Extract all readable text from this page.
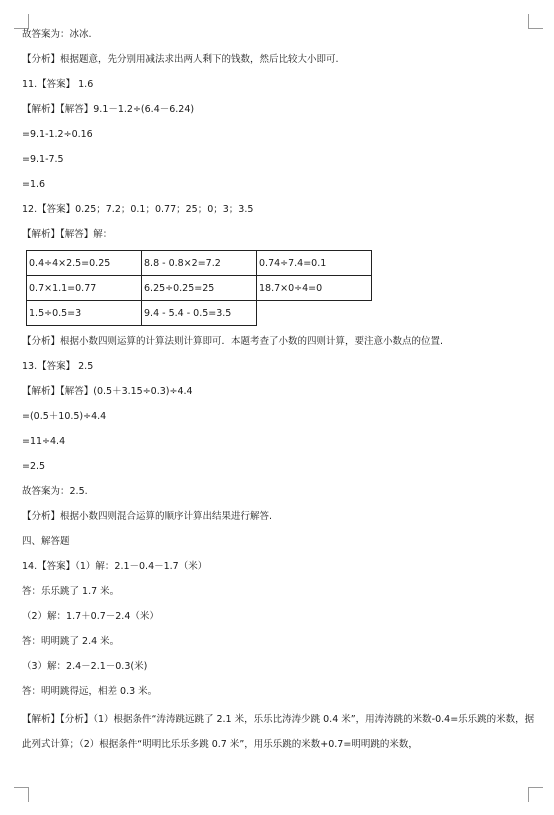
故答案为：冰冰.
【分析】根据题意，先分别用减法求出两人剩下的钱数，然后比较大小即可.
11.【答案】 1.6
【解析】【解答】9.1－1.2÷(6.4－6.24)
=9.1-1.2÷0.16
=9.1-7.5
=1.6
12.【答案】0.25；7.2；0.1；0.77；25；0；3；3.5
【解析】【解答】解：
0.4÷4×2.5=0.25	8.8 - 0.8×2=7.2	0.74÷7.4=0.1
0.7×1.1=0.77	6.25÷0.25=25	18.7×0÷4=0
1.5÷0.5=3	9.4 - 5.4 - 0.5=3.5	
【分析】根据小数四则运算的计算法则计算即可．本题考查了小数的四则计算，要注意小数点的位置.
13.【答案】 2.5
【解析】【解答】(0.5＋3.15÷0.3)÷4.4
=(0.5＋10.5)÷4.4
=11÷4.4
=2.5
故答案为：2.5.
【分析】根据小数四则混合运算的顺序计算出结果进行解答.
四、解答题
14.【答案】（1）解：2.1－0.4－1.7（米）
答：乐乐跳了 1.7 米。
（2）解：1.7＋0.7－2.4（米）
答：明明跳了 2.4 米。
（3）解：2.4－2.1－0.3(米)
答：明明跳得远，相差 0.3 米。

【解析】【分析】（1）根据条件“涛涛跳远跳了 2.1 米，乐乐比涛涛少跳 0.4 米”，用涛涛跳的米数-0.4=乐乐跳的米数，据此列式计算；（2）根据条件“明明比乐乐多跳 0.7 米”，用乐乐跳的米数+0.7=明明跳的米数，
